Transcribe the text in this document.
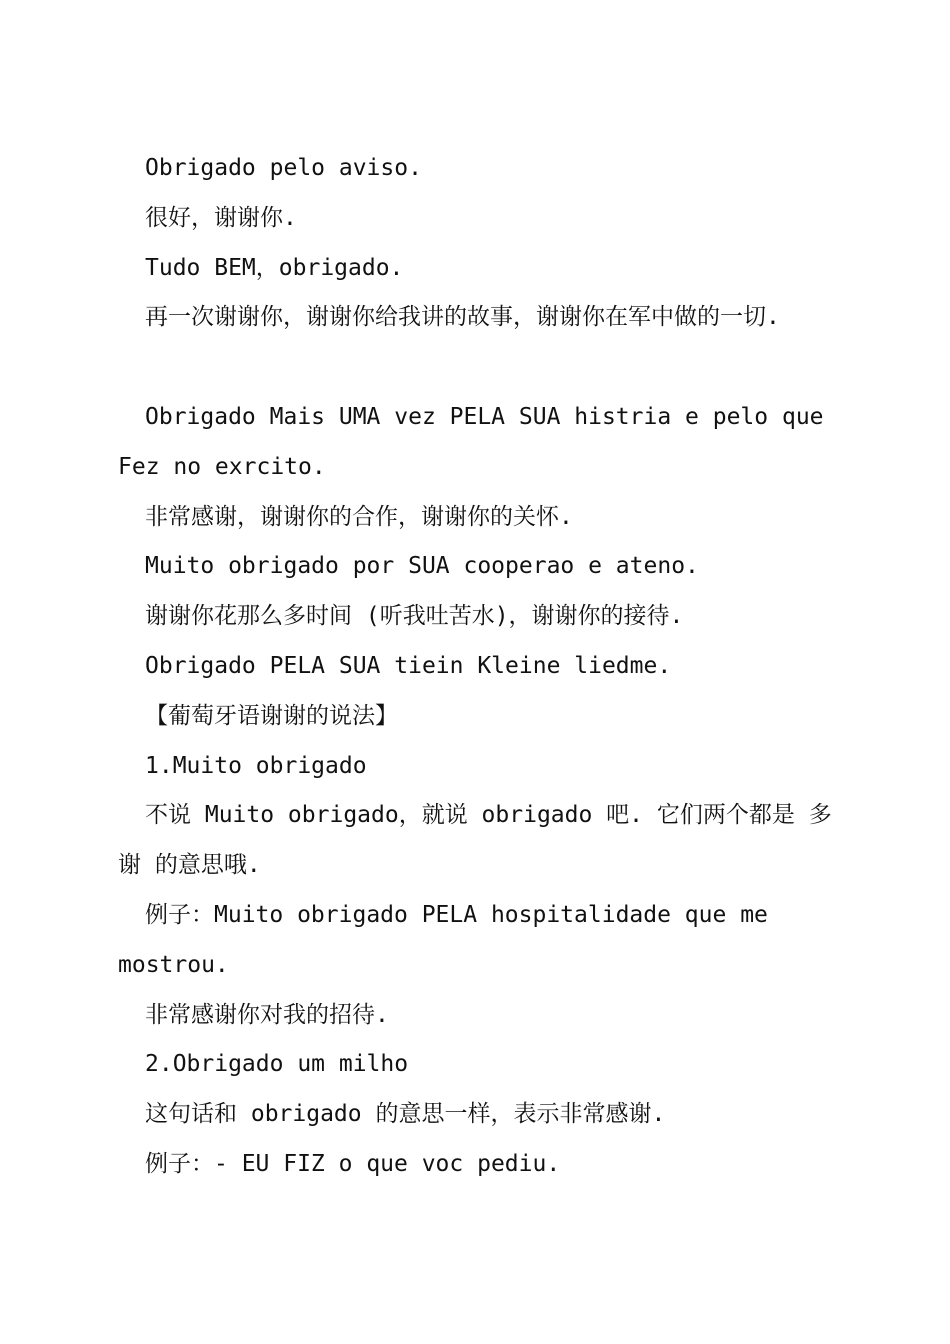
Obrigado pelo aviso.

很好，谢谢你.

Tudo BEM，obrigado.

再一次谢谢你，谢谢你给我讲的故事，谢谢你在军中做的一切.

Obrigado Mais UMA vez PELA SUA histria e pelo que Fez no exrcito.

非常感谢，谢谢你的合作，谢谢你的关怀.

Muito obrigado por SUA cooperao e ateno.

谢谢你花那么多时间 (听我吐苦水)，谢谢你的接待.

Obrigado PELA SUA tiein Kleine liedme.

【葡萄牙语谢谢的说法】

1.Muito obrigado

不说 Muito obrigado，就说 obrigado 吧. 它们两个都是 多谢 的意思哦.

例子：Muito obrigado PELA hospitalidade que me mostrou.

非常感谢你对我的招待.

2.Obrigado um milho

这句话和 obrigado 的意思一样，表示非常感谢.

例子：- EU FIZ o que voc pediu.
